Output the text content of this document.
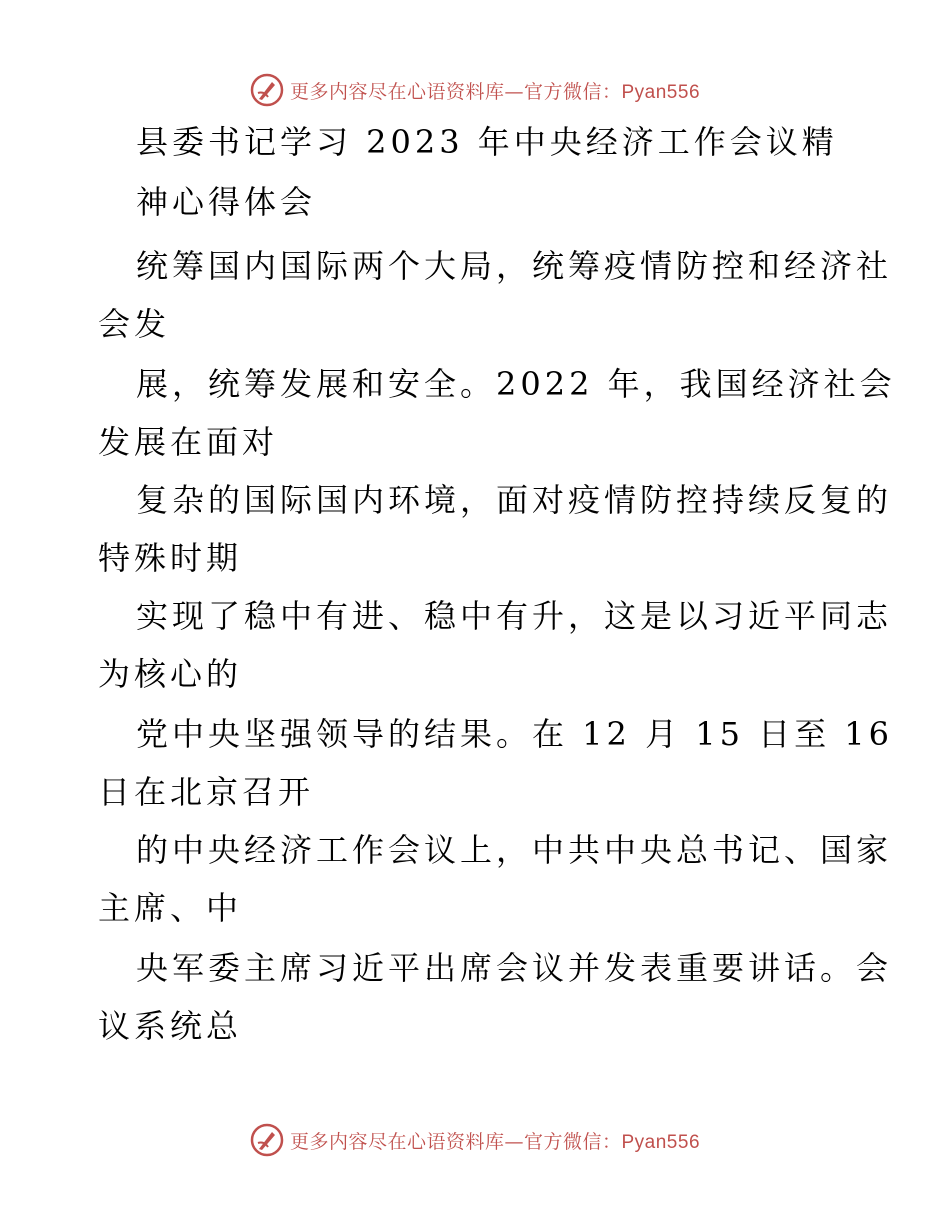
更多内容尽在心语资料库—官方微信：Pyan556
县委书记学习 2023 年中央经济工作会议精
神心得体会
统筹国内国际两个大局，统筹疫情防控和经济社
会发
展，统筹发展和安全。2022 年，我国经济社会
发展在面对
复杂的国际国内环境，面对疫情防控持续反复的
特殊时期
实现了稳中有进、稳中有升，这是以习近平同志
为核心的
党中央坚强领导的结果。在 12 月 15 日至 16
日在北京召开
的中央经济工作会议上，中共中央总书记、国家
主席、中
央军委主席习近平出席会议并发表重要讲话。会
议系统总
更多内容尽在心语资料库—官方微信：Pyan556
